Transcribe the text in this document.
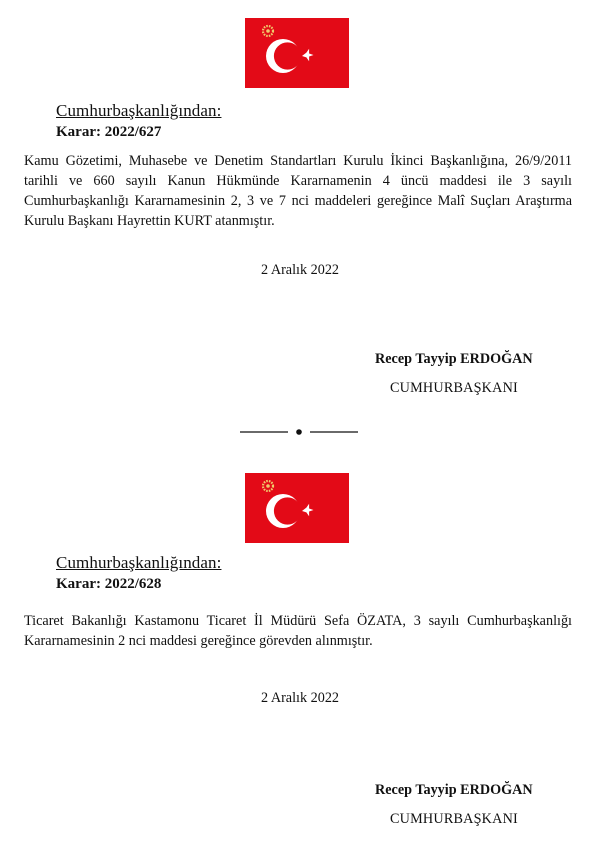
Cumhurbaşkanlığından:
Karar: 2022/627
Kamu Gözetimi, Muhasebe ve Denetim Standartları Kurulu İkinci Başkanlığına, 26/9/2011 tarihli ve 660 sayılı Kanun Hükmünde Kararnamenin 4 üncü maddesi ile 3 sayılı Cumhurbaşkanlığı Kararnamesinin 2, 3 ve 7 nci maddeleri gereğince Malî Suçları Araştırma Kurulu Başkanı Hayrettin KURT atanmıştır.
2 Aralık 2022
Recep Tayyip ERDOĞAN
CUMHURBAŞKANI
Cumhurbaşkanlığından:
Karar: 2022/628
Ticaret Bakanlığı Kastamonu Ticaret İl Müdürü Sefa ÖZATA, 3 sayılı Cumhurbaşkanlığı Kararnamesinin 2 nci maddesi gereğince görevden alınmıştır.
2 Aralık 2022
Recep Tayyip ERDOĞAN
CUMHURBAŞKANI
